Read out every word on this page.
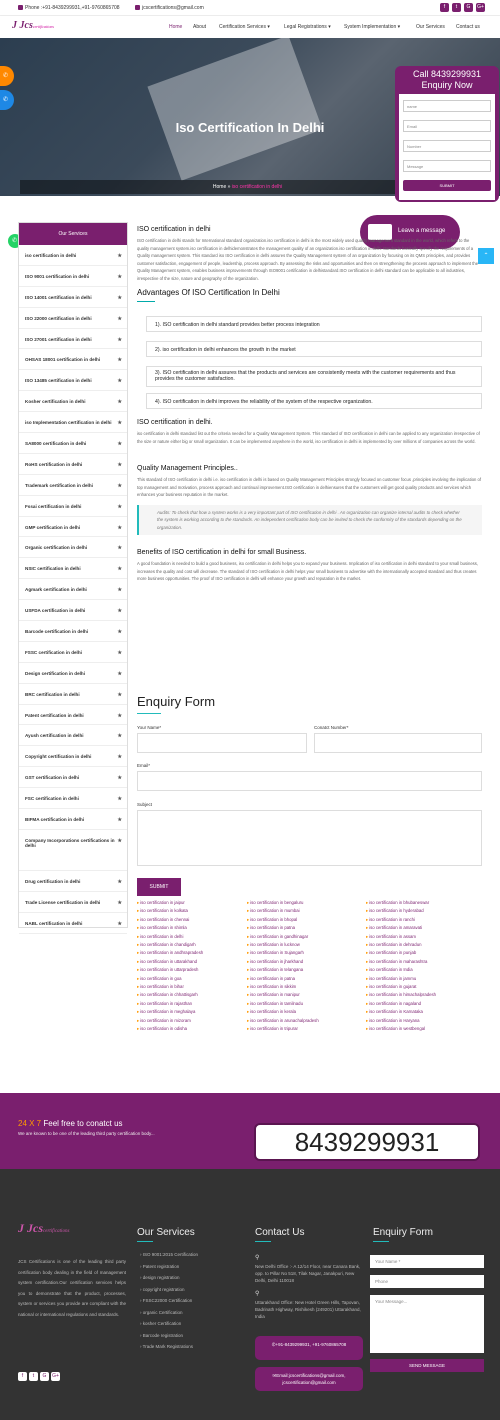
Phone :+91-8439299931,+91-9760865708	jcscertifications@gmail.com	f	t	G	G+
J Jcscertifications	Home About	Certification Services ▾	Legal Registrations ▾	System Implementation ▾	Our Services Contact us
Iso Certification In Delhi
Home » iso certification in delhi
✆
✆
✆
Call 8439299931
Enquiry Now
name
Email
Number
Message
SUBMIT
Leave a message
⌃
Our Services
iso certification in delhi	★
ISO 9001 certification in delhi	★
ISO 14001 certification in delhi	★
ISO 22000 certification in delhi	★
ISO 27001 certification in delhi	★
OHSAS 18001 certification in delhi	★
ISO 13485 certification in delhi	★
Kosher certification in delhi	★
iso Implementation certification in delhi ★
SA8000 certification in delhi	★
RoHS certification in delhi	★
Trademark certification in delhi	★
Fssai certification in delhi	★
GMP certification in delhi	★
Organic certification in delhi	★
NSIC certification in delhi	★
Agmark certification in delhi	★
USFDA certification in delhi	★
Barcode certification in delhi	★
FSSC certification in delhi	★
Design certification in delhi	★
BRC certification in delhi	★
Patent certification in delhi	★
Ayush certification in delhi	★
Copyright certification in delhi	★
GST certification in delhi	★
FSC certification in delhi	★
BIFMA certification in delhi	★
Company Incorporations certifications in delhi
★
Drug certification in delhi	★
Trade License certification in delhi	★
NABL certification in delhi	★
ISO certification in delhi

ISO certification in delhi stands for International standard organization.iso certification in delhi is the most widely used quality management standard in the world, which refers to the quality management system.iso certification in delhidemonstrates the management quality of an organization.iso certification in delhi standards basically specify the requirements of a Quality management system. This standard iso ISO certification in delhi assures the Quality Management system of an organization by focusing on its QMS principles, and provides customer satisfaction, engagement of people, leadership, process approach. By assessing the risks and opportunities and then on strengthening the process approach to implement the Quality Management system, enables business improvements through ISO9001 certification in delhistandard.ISO certification in delhi standard can be applicable to all industries, irrespective of the size, nature and geography of the organization.

Advantages Of ISO Certification In Delhi
1). ISO certification in delhi standard provides better process integration
2). iso certification in delhi enhances the growth in the market
3). ISO certification in delhi assures that the products and services are consistently meets with the customer requirements and thus provides the customer satisfaction.
4). ISO certification in delhi improves the reliability of the system of the respective organization.
ISO certification in delhi.

iso certification in delhi standard list out the criteria needed for a Quality Management System. This standard of ISO certification in delhi can be applied to any organization irrespective of the size or nature either big or small organization. It can be implemented anywhere in the world, iso certification in delhi is implemented by over millions of companies across the world.

Quality Management Principles..

This standard of ISO certification in delhi i.e. iso certification in delhi is based on Quality Management Principles strongly focused on customer focus ,principles involving the implication of top management and motivation, process approach and continual improvement.ISO certification in delhiensures that the customers will get good quality products and services which enhances your business reputation in the market.

Audits: To check that how a system works is a very important part of ISO certification in delhi . An organization can organize internal audits to check whether the system is working according to the standards. An independent certification body can be invited to check the conformity of the standards depending on the organization.
Benefits of ISO certification in delhi for small Business.

A good foundation is needed to build a good business, iso certification in delhi helps you to expand your business. Implication of iso certification in delhi standard to your small business, increases the quality and cost will decrease. The standard of ISO certification in delhi helps your small business to advertise with the internationally accepted standard and thus creates more business opportunities. The proof of ISO certification in delhi will enhance your growth and reputation in the market.

Enquiry Form
Your Name*	Conatct Number*
Email*
Subject
SUBMIT
▸ iso certification in jaipur
▸ iso certification in kolkata
▸ iso certification in chennai
▸ iso certification in shimla
▸ iso certification in delhi
▸ iso certification in chandigarh
▸ iso certification in andhrapradesh
▸ iso certification in uttarakhand
▸ iso certification in uttarpradesh
▸ iso certification in goa
▸ iso certification in bihar
▸ iso certification in chhattisgarh
▸ iso certification in rajasthan
▸ iso certification in meghalaya
▸ iso certification in mizoram
▸ iso certification in odisha
▸ iso certification in bengaluru
▸ iso certification in mumbai
▸ iso certification in bhopal
▸ iso certification in patna
▸ iso certification in gandhinagar
▸ iso certification in lucknow
▸ iso certification in Sujangarh
▸ iso certification in jharkhand
▸ iso certification in telangana
▸ iso certification in patna
▸ iso certification in sikkim
▸ iso certification in manipur
▸ iso certification in tamilnadu
▸ iso certification in kerala
▸ iso certification in arunachalpradesh
▸ iso certification in tripurar
▸ iso certification in bhubaneswar
▸ iso certification in hyderabad
▸ iso certification in ranchi
▸ iso certification in amaravati
▸ iso certification in assam
▸ iso certification in dehradun
▸ iso certification in punjab
▸ iso certification in maharashtra
▸ iso certification in India
▸ iso certification in jammu
▸ iso certification in gujarat
▸ iso certification in himachalpradesh
▸ iso certification in nagaland
▸ iso certification in Karnataka
▸ iso certification in Haryana
▸ iso certification in westbengal
24 X 7 Feel free to conatct us
We are known to be one of the leading third party certification body...	8439299931
J Jcscertifications
JCS Certifications is one of the leading third party certification body dealing in the field of management system certification.Our certification services helps you to demonstrate that the product, processes, system or services you provide are compliant with the national or international regulations and standards.
f t G G+
Our Services
› ISO 9001:2015 Certification
› Patent registration
› design registration
› copyright registration
› FSSC22000 Certification
› organic Certification
› kosher Certification
› Barcode registration
› Trade Mark Registrations
Contact Us
⚲
New Delhi Office :- A 12/14 Floor, near Canara Bank, opp. to Pillar No 518, Tilak Nagar, Janakpuri, New Delhi, Delhi 110018
⚲
Uttarakhand Office: New Hotel Green Hills, Tapovan, Badrinath Highway, Rishikesh (249201) Uttarakhand, India
✆+91-8439299931, +91-9760865708
✉Email:jcscertifications@gmail.com, jcscertification@gmail.com
Enquiry Form
Your Name *
Phone
Your Message...
SEND MESSAGE
